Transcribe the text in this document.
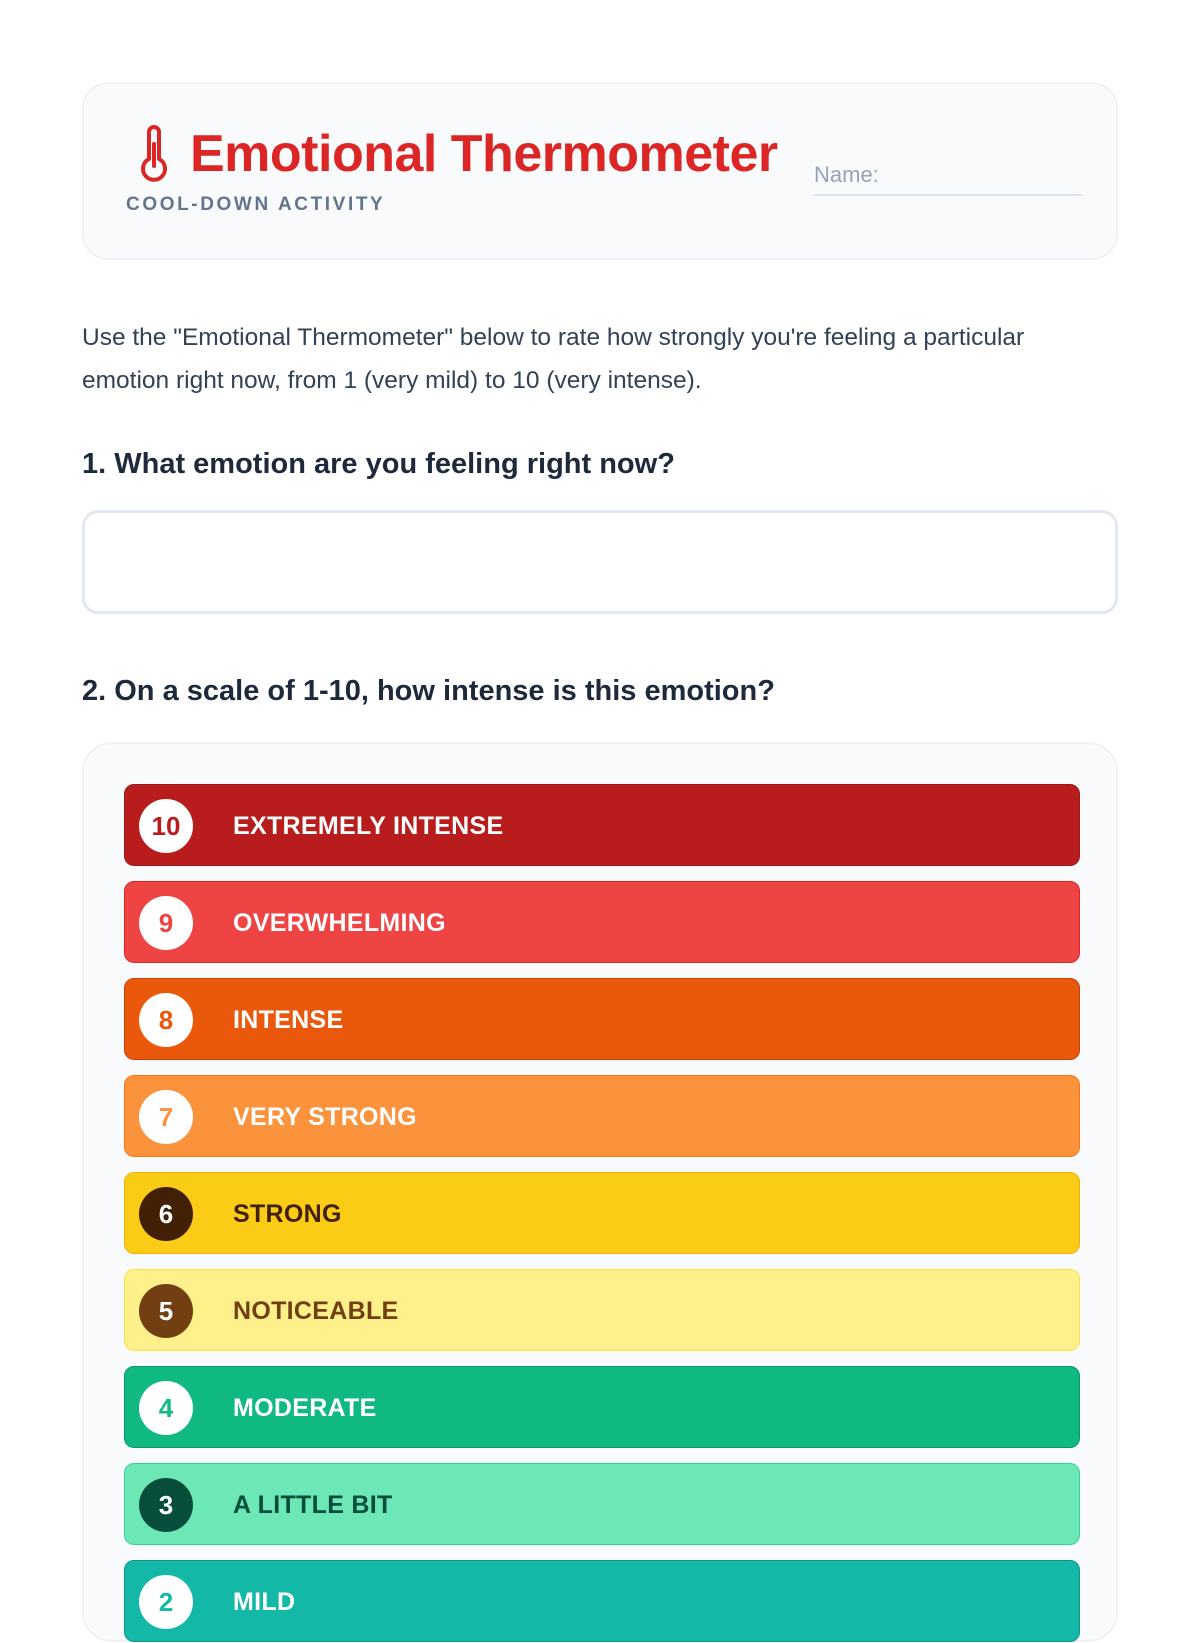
Emotional Thermometer
COOL-DOWN ACTIVITY
Name:

Use the "Emotional Thermometer" below to rate how strongly you're feeling a particular emotion right now, from 1 (very mild) to 10 (very intense).

1. What emotion are you feeling right now?
2. On a scale of 1-10, how intense is this emotion?
10	EXTREMELY INTENSE
9	OVERWHELMING
8	INTENSE
7	VERY STRONG
6	STRONG
5	NOTICEABLE
4	MODERATE
3	A LITTLE BIT
2	MILD
